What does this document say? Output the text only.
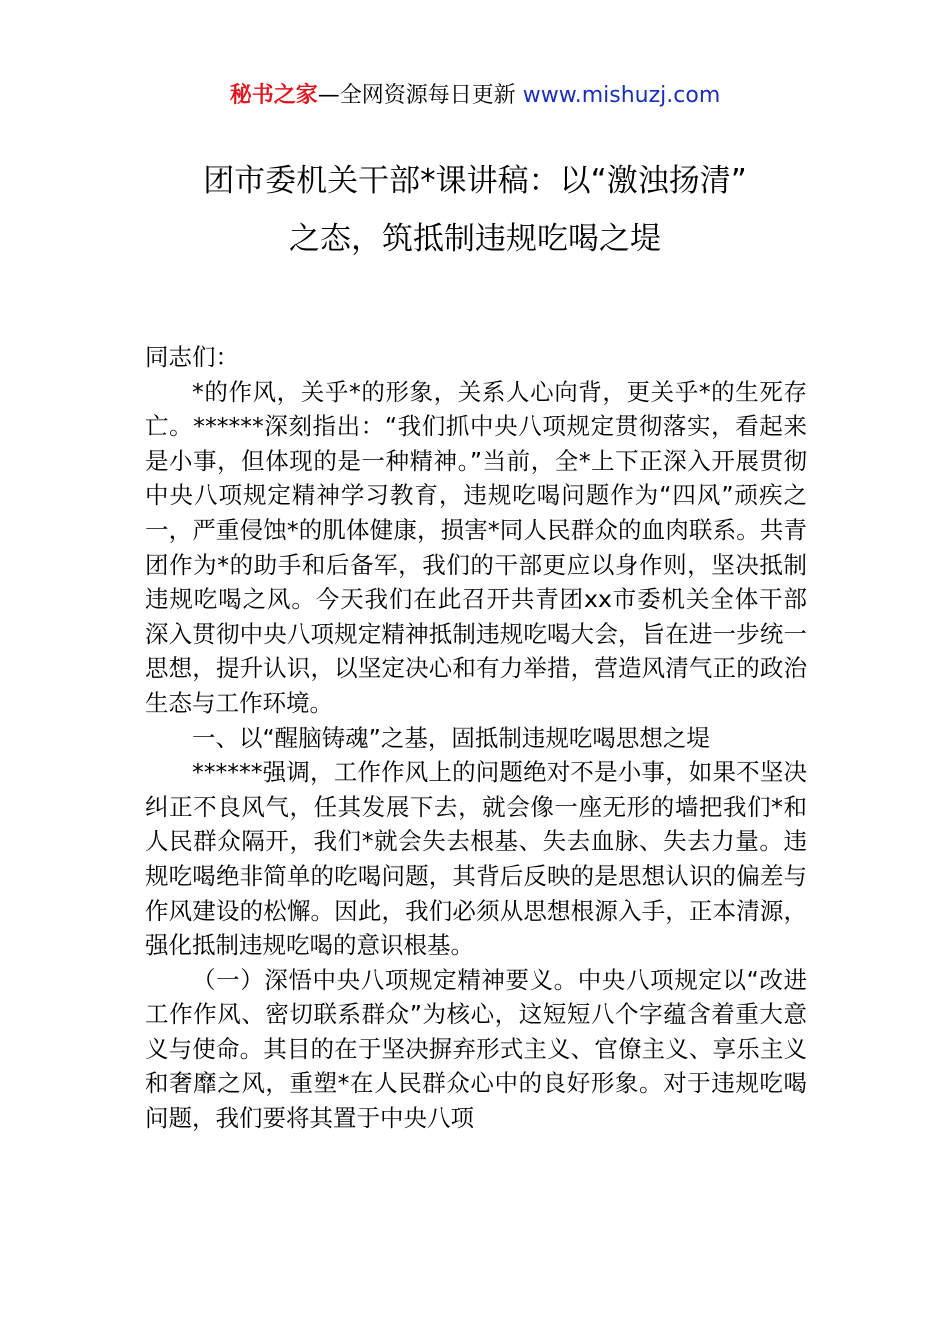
秘书之家—全网资源每日更新 www.mishuzj.com
团市委机关干部*课讲稿：以“激浊扬清”
之态，筑抵制违规吃喝之堤

同志们：

*的作风，关乎*的形象，关系人心向背，更关乎*的生死存亡。******深刻指出：“我们抓中央八项规定贯彻落实，看起来是小事，但体现的是一种精神。”当前，全*上下正深入开展贯彻中央八项规定精神学习教育，违规吃喝问题作为“四风”顽疾之一，严重侵蚀*的肌体健康，损害*同人民群众的血肉联系。共青团作为*的助手和后备军，我们的干部更应以身作则，坚决抵制违规吃喝之风。今天我们在此召开共青团xx市委机关全体干部深入贯彻中央八项规定精神抵制违规吃喝大会，旨在进一步统一思想，提升认识，以坚定决心和有力举措，营造风清气正的政治生态与工作环境。

一、以“醒脑铸魂”之基，固抵制违规吃喝思想之堤

******强调，工作作风上的问题绝对不是小事，如果不坚决纠正不良风气，任其发展下去，就会像一座无形的墙把我们*和人民群众隔开，我们*就会失去根基、失去血脉、失去力量。违规吃喝绝非简单的吃喝问题，其背后反映的是思想认识的偏差与作风建设的松懈。因此，我们必须从思想根源入手，正本清源，强化抵制违规吃喝的意识根基。

（一）深悟中央八项规定精神要义。中央八项规定以“改进工作作风、密切联系群众”为核心，这短短八个字蕴含着重大意义与使命。其目的在于坚决摒弃形式主义、官僚主义、享乐主义和奢靡之风，重塑*在人民群众心中的良好形象。对于违规吃喝问题，我们要将其置于中央八项
